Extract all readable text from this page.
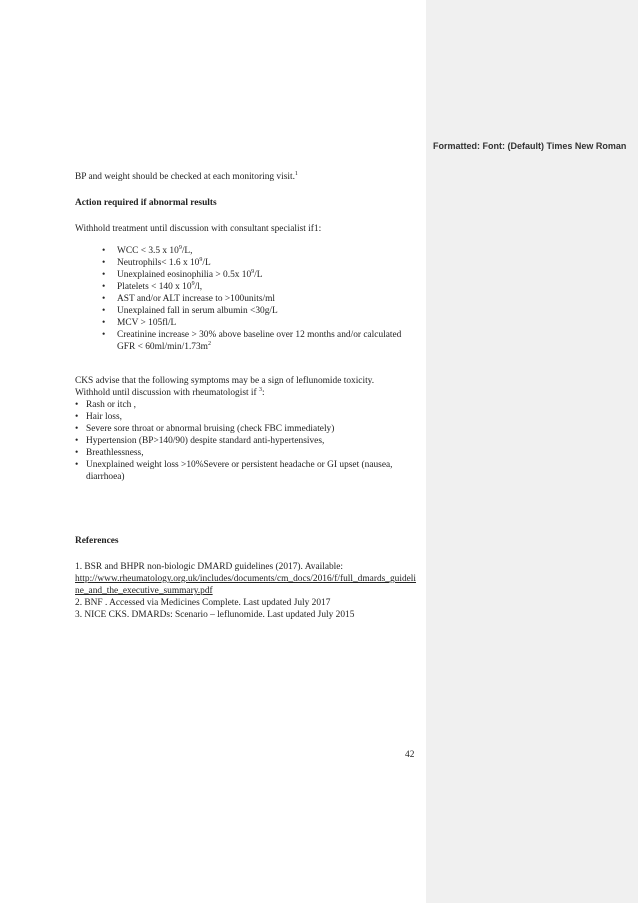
Formatted: Font: (Default) Times New Roman

BP and weight should be checked at each monitoring visit.$^1$

Action required if abnormal results

Withhold treatment until discussion with consultant specialist if1:

• WCC < 3.5 x $10^9/L$,
• Neutrophils< 1.6 x $10^9/L$
• Unexplained eosinophilia > 0.5x $10^9/L$
• Platelets < 140 x $10^9/l$,
• AST and/or ALT increase to >100units/ml
• Unexplained fall in serum albumin <30g/L
• MCV > 105fl/L
• Creatinine increase > 30% above baseline over 12 months and/or calculated GFR < $60ml/\min/1.73m^2$

CKS advise that the following symptoms may be a sign of leflunomide toxicity.

Withhold until discussion with rheumatologist if $^3$:

• Rash or itch ,
• Hair loss,
• Severe sore throat or abnormal bruising (check FBC immediately)
• Hypertension (BP>140/90) despite standard anti-hypertensives,
• Breathlessness,
• Unexplained weight loss >10%Severe or persistent headache or GI upset (nausea, diarrhoea)

References

1. BSR and BHPR non-biologic DMARD guidelines (2017). Available:

http://www.rheumatology.org.uk/includes/documents/cm_docs/2016/f/full_dmards_guideline_and_the_executive_summary.pdf

2. BNF . Accessed via Medicines Complete. Last updated July 2017

3. NICE CKS. DMARDs: Scenario – leflunomide. Last updated July 2015

42
